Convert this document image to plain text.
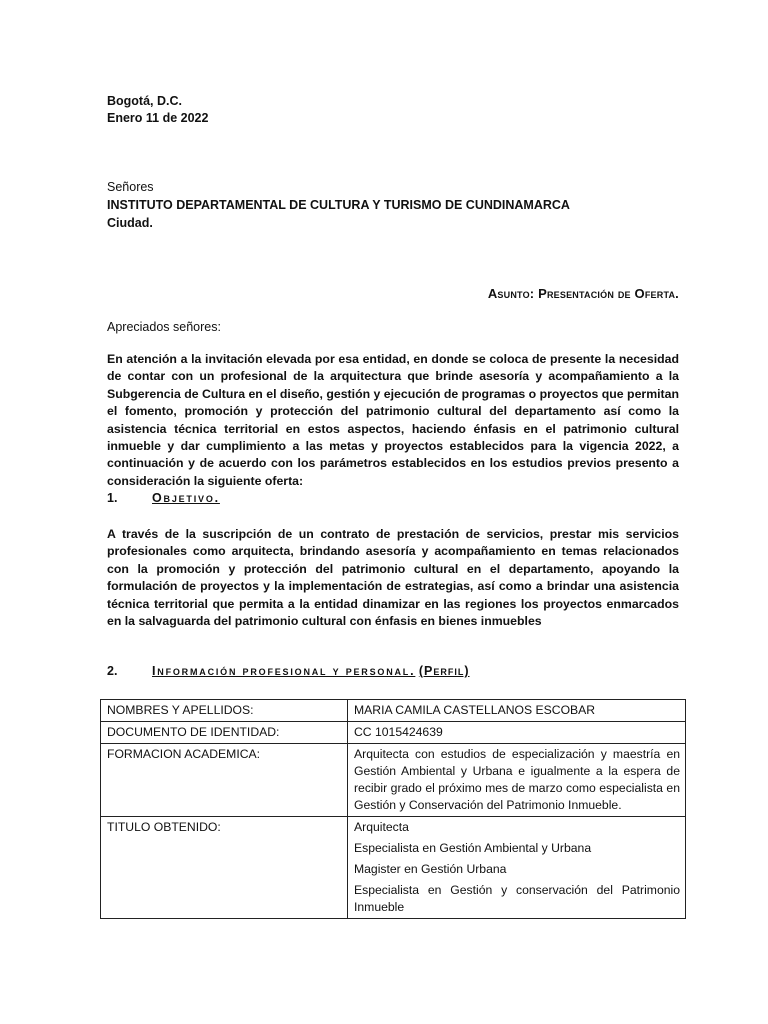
Bogotá, D.C.
Enero 11 de 2022
Señores
INSTITUTO DEPARTAMENTAL DE CULTURA Y TURISMO DE CUNDINAMARCA
Ciudad.
Asunto: Presentación de Oferta.
Apreciados señores:

En atención a la invitación elevada por esa entidad, en donde se coloca de presente la necesidad de contar con un profesional de la arquitectura que brinde asesoría y acompañamiento a la Subgerencia de Cultura en el diseño, gestión y ejecución de programas o proyectos que permitan el fomento, promoción y protección del patrimonio cultural del departamento así como la asistencia técnica territorial en estos aspectos, haciendo énfasis en el patrimonio cultural inmueble y dar cumplimiento a las metas y proyectos establecidos para la vigencia 2022, a continuación y de acuerdo con los parámetros establecidos en los estudios previos presento a consideración la siguiente oferta:

1.	Objetivo.

A través de la suscripción de un contrato de prestación de servicios, prestar mis servicios profesionales como arquitecta, brindando asesoría y acompañamiento en temas relacionados con la promoción y protección del patrimonio cultural en el departamento, apoyando la formulación de proyectos y la implementación de estrategias, así como a brindar una asistencia técnica territorial que permita a la entidad dinamizar en las regiones los proyectos enmarcados en la salvaguarda del patrimonio cultural con énfasis en bienes inmuebles

2.	Información profesional y personal. (Perfil)
NOMBRES Y APELLIDOS:	MARIA CAMILA CASTELLANOS ESCOBAR
DOCUMENTO DE IDENTIDAD:	CC 1015424639
FORMACION ACADEMICA:	Arquitecta con estudios de especialización y maestría en Gestión Ambiental y Urbana e igualmente a la espera de recibir grado el próximo mes de marzo como especialista en Gestión y Conservación del Patrimonio Inmueble.
TITULO OBTENIDO:	Arquitecta
Especialista en Gestión Ambiental y Urbana
Magister en Gestión Urbana
Especialista en Gestión y conservación del Patrimonio Inmueble
